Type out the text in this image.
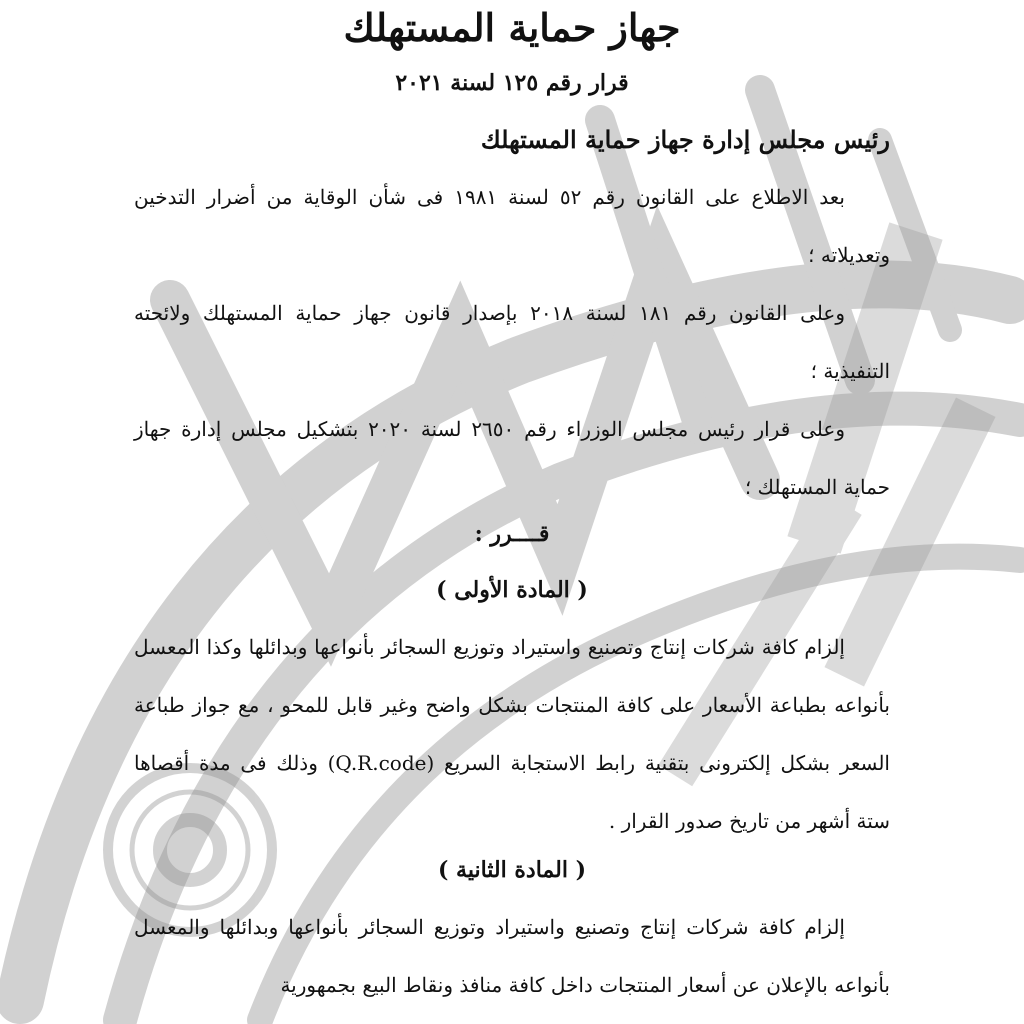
جهاز حماية المستهلك
قرار رقم ١٢٥ لسنة ٢٠٢١
رئيس مجلس إدارة جهاز حماية المستهلك

بعد الاطلاع على القانون رقم ٥٢ لسنة ١٩٨١ فى شأن الوقاية من أضرار التدخين وتعديلاته ؛

وعلى القانون رقم ١٨١ لسنة ٢٠١٨ بإصدار قانون جهاز حماية المستهلك ولائحته التنفيذية ؛

وعلى قرار رئيس مجلس الوزراء رقم ٢٦٥٠ لسنة ٢٠٢٠ بتشكيل مجلس إدارة جهاز حماية المستهلك ؛

قــــرر :
( المادة الأولى )

إلزام كافة شركات إنتاج وتصنيع واستيراد وتوزيع السجائر بأنواعها وبدائلها وكذا المعسل بأنواعه بطباعة الأسعار على كافة المنتجات بشكل واضح وغير قابل للمحو ، مع جواز طباعة السعر بشكل إلكترونى بتقنية رابط الاستجابة السريع (Q.R.code) وذلك فى مدة أقصاها ستة أشهر من تاريخ صدور القرار .

( المادة الثانية )

إلزام كافة شركات إنتاج وتصنيع واستيراد وتوزيع السجائر بأنواعها وبدائلها والمعسل بأنواعه بالإعلان عن أسعار المنتجات داخل كافة منافذ ونقاط البيع بجمهورية
